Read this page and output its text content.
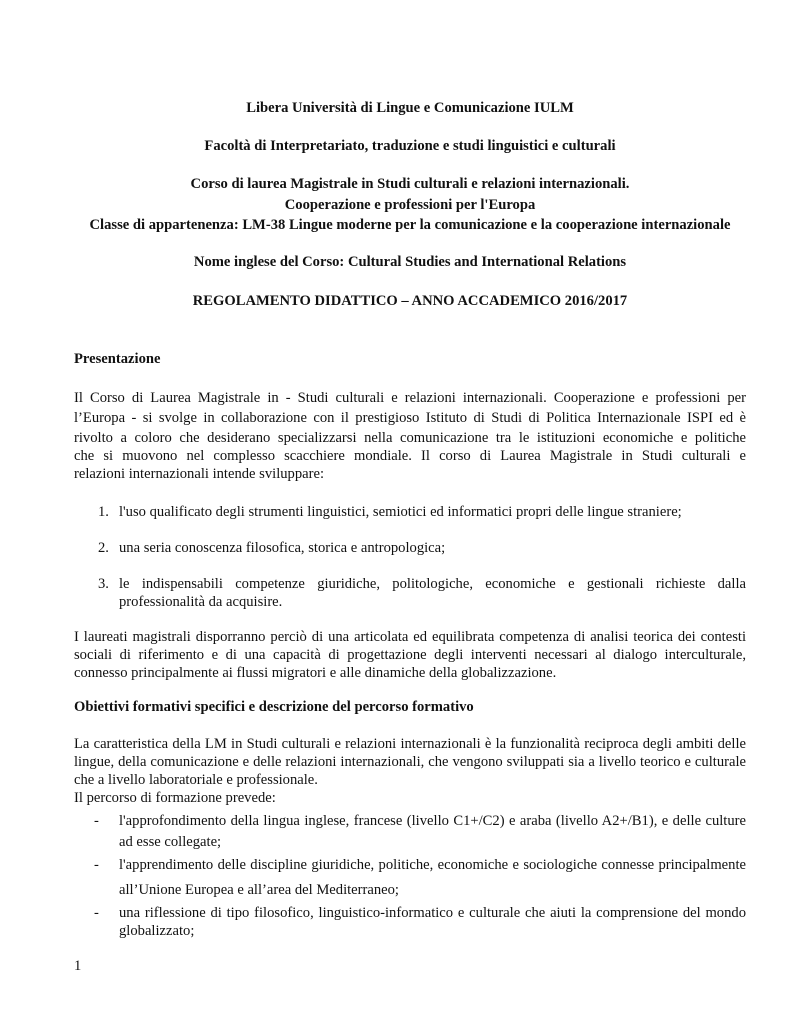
Libera Università di Lingue e Comunicazione IULM
Facoltà di Interpretariato, traduzione e studi linguistici e culturali
Corso di laurea Magistrale in Studi culturali e relazioni internazionali.
Cooperazione e professioni per l'Europa
Classe di appartenenza: LM-38 Lingue moderne per la comunicazione e la cooperazione internazionale
Nome inglese del Corso: Cultural Studies and International Relations
REGOLAMENTO DIDATTICO – ANNO ACCADEMICO 2016/2017
Presentazione
Il Corso di Laurea Magistrale in - Studi culturali e relazioni internazionali. Cooperazione e professioni per
l’Europa - si svolge in collaborazione con il prestigioso Istituto di Studi di Politica Internazionale ISPI ed è
rivolto a coloro che desiderano specializzarsi nella comunicazione tra le istituzioni economiche e politiche
che si muovono nel complesso scacchiere mondiale. Il corso di Laurea Magistrale in Studi culturali e
relazioni internazionali intende sviluppare:
1. l'uso qualificato degli strumenti linguistici, semiotici ed informatici propri delle lingue straniere;
2. una seria conoscenza filosofica, storica e antropologica;
3. le indispensabili competenze giuridiche, politologiche, economiche e gestionali richieste dalla professionalità da acquisire.
I laureati magistrali disporranno perciò di una articolata ed equilibrata competenza di analisi teorica dei contesti sociali di riferimento e di una capacità di progettazione degli interventi necessari al dialogo interculturale, connesso principalmente ai flussi migratori e alle dinamiche della globalizzazione.
Obiettivi formativi specifici e descrizione del percorso formativo
La caratteristica della LM in Studi culturali e relazioni internazionali è la funzionalità reciproca degli ambiti delle lingue, della comunicazione e delle relazioni internazionali, che vengono sviluppati sia a livello teorico e culturale che a livello laboratoriale e professionale.
Il percorso di formazione prevede:
- l'approfondimento della lingua inglese, francese (livello C1+/C2) e araba (livello A2+/B1), e delle culture ad esse collegate;
- l'apprendimento delle discipline giuridiche, politiche, economiche e sociologiche connesse principalmente all’Unione Europea e all’area del Mediterraneo;
- una riflessione di tipo filosofico, linguistico-informatico e culturale che aiuti la comprensione del mondo globalizzato;
1
